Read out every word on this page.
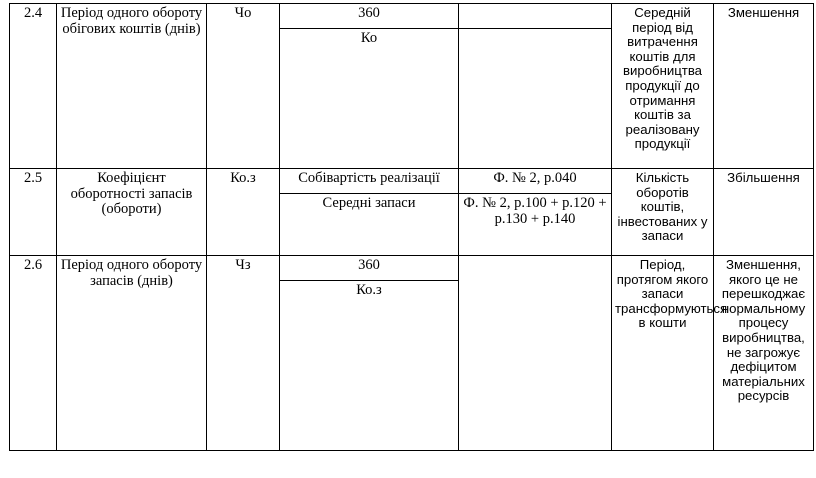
2.4	Період одного обороту обігових коштів (днів)	Чо	360		Середній період від витрачення коштів для виробництва продукції до отримання коштів за реалізовану продукції	Зменшення
			Ко			
2.5	Коефіцієнт оборотності запасів (обороти)	Ко.з	Собівартість реалізації	Ф. № 2, р.040	Кількість оборотів коштів, інвестованих у запаси	Збільшення
			Середні запаси	Ф. № 2, р.100 + р.120 + р.130 + р.140		
2.6	Період одного обороту запасів (днів)	Чз	360		Період, протягом якого запаси трансформуються в кошти	Зменшення, якого це не перешкоджає нормальному процесу виробництва, не загрожує дефіцитом матеріальних ресурсів
			Ко.з			
